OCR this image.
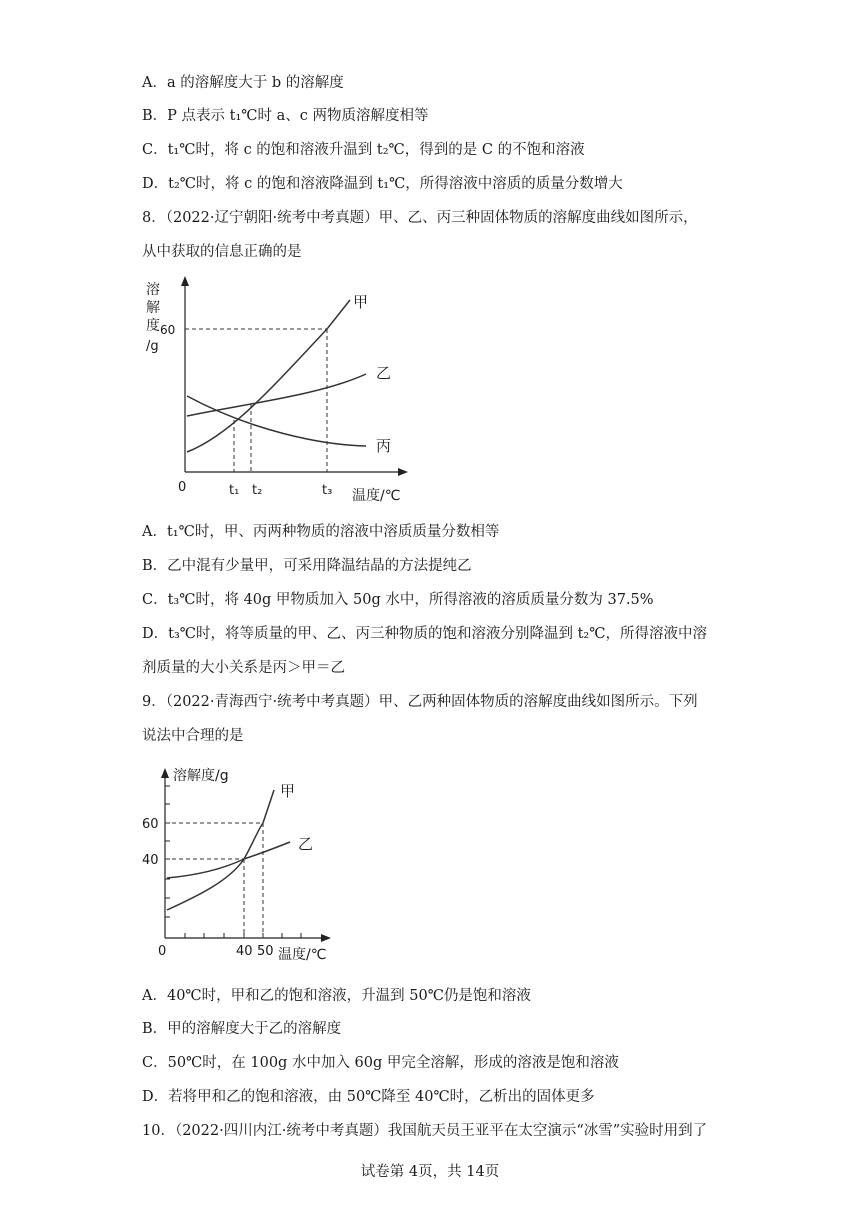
A．a 的溶解度大于 b 的溶解度
B．P 点表示 t₁℃时 a、c 两物质溶解度相等
C．t₁℃时，将 c 的饱和溶液升温到 t₂℃，得到的是 C 的不饱和溶液
D．t₂℃时，将 c 的饱和溶液降温到 t₁℃，所得溶液中溶质的质量分数增大
8．（2022·辽宁朝阳·统考中考真题）甲、乙、丙三种固体物质的溶解度曲线如图所示，
从中获取的信息正确的是
溶
解
度
/g
60
0	t₁ t₂	t₃ 温度/℃
甲
乙
丙
A．t₁℃时，甲、丙两种物质的溶液中溶质质量分数相等
B．乙中混有少量甲，可采用降温结晶的方法提纯乙
C．t₃℃时，将 40g 甲物质加入 50g 水中，所得溶液的溶质质量分数为 37.5%
D．t₃℃时，将等质量的甲、乙、丙三种物质的饱和溶液分别降温到 t₂℃，所得溶液中溶
剂质量的大小关系是丙＞甲＝乙
9．（2022·青海西宁·统考中考真题）甲、乙两种固体物质的溶解度曲线如图所示。下列
说法中合理的是
溶解度/g
60
40
0	40 50 温度/℃
甲
乙
A．40℃时，甲和乙的饱和溶液，升温到 50℃仍是饱和溶液
B．甲的溶解度大于乙的溶解度
C．50℃时，在 100g 水中加入 60g 甲完全溶解，形成的溶液是饱和溶液
D．若将甲和乙的饱和溶液，由 50℃降至 40℃时，乙析出的固体更多
10．（2022·四川内江·统考中考真题）我国航天员王亚平在太空演示“冰雪”实验时用到了
试卷第 4页，共 14页
